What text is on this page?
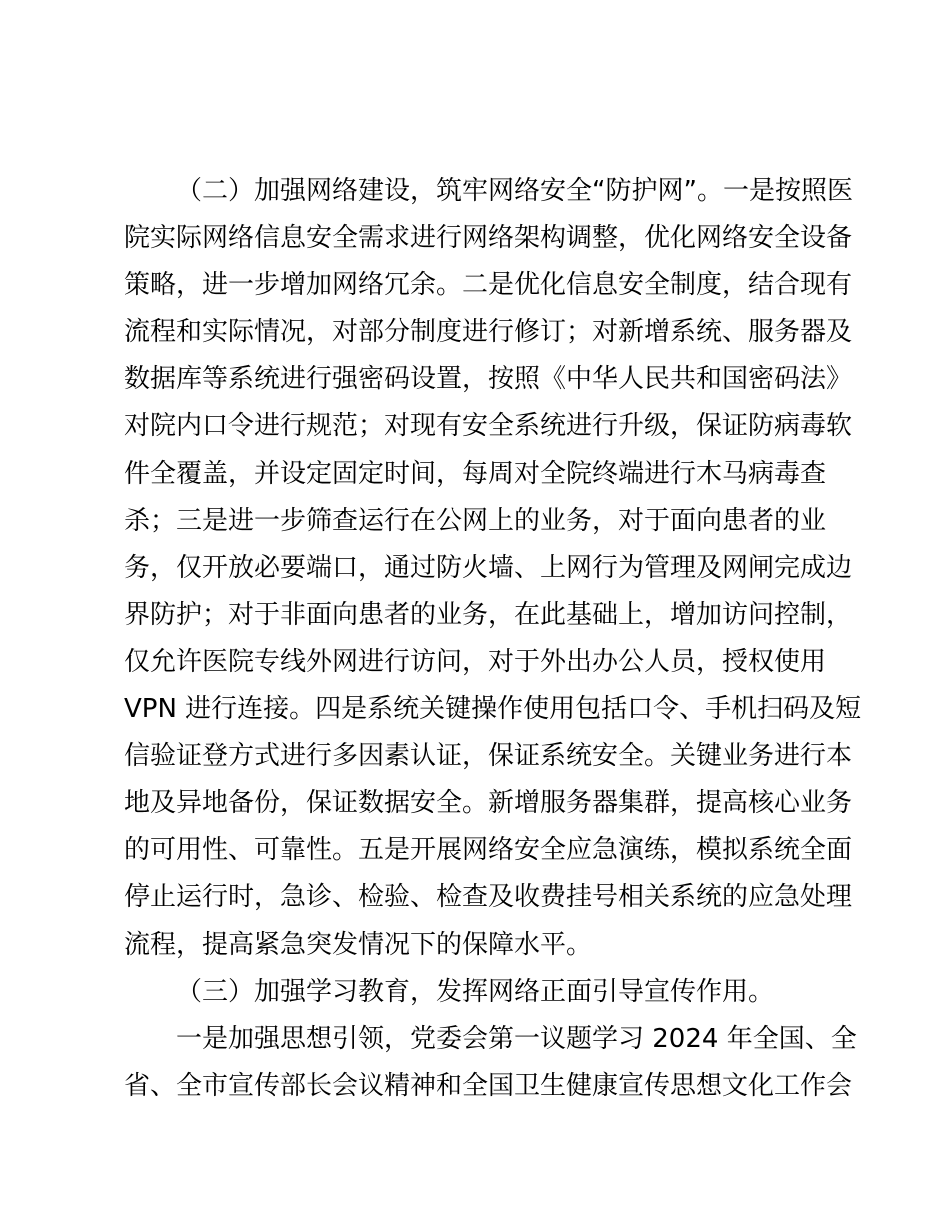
（二）加强网络建设，筑牢网络安全“防护网”。一是按照医
院实际网络信息安全需求进行网络架构调整，优化网络安全设备
策略，进一步增加网络冗余。二是优化信息安全制度，结合现有
流程和实际情况，对部分制度进行修订；对新增系统、服务器及
数据库等系统进行强密码设置，按照《中华人民共和国密码法》
对院内口令进行规范；对现有安全系统进行升级，保证防病毒软
件全覆盖，并设定固定时间，每周对全院终端进行木马病毒查
杀；三是进一步筛查运行在公网上的业务，对于面向患者的业
务，仅开放必要端口，通过防火墙、上网行为管理及网闸完成边
界防护；对于非面向患者的业务，在此基础上，增加访问控制，
仅允许医院专线外网进行访问，对于外出办公人员，授权使用
VPN 进行连接。四是系统关键操作使用包括口令、手机扫码及短
信验证登方式进行多因素认证，保证系统安全。关键业务进行本
地及异地备份，保证数据安全。新增服务器集群，提高核心业务
的可用性、可靠性。五是开展网络安全应急演练，模拟系统全面
停止运行时，急诊、检验、检查及收费挂号相关系统的应急处理
流程，提高紧急突发情况下的保障水平。
（三）加强学习教育，发挥网络正面引导宣传作用。
一是加强思想引领，党委会第一议题学习 2024 年全国、全
省、全市宣传部长会议精神和全国卫生健康宣传思想文化工作会
